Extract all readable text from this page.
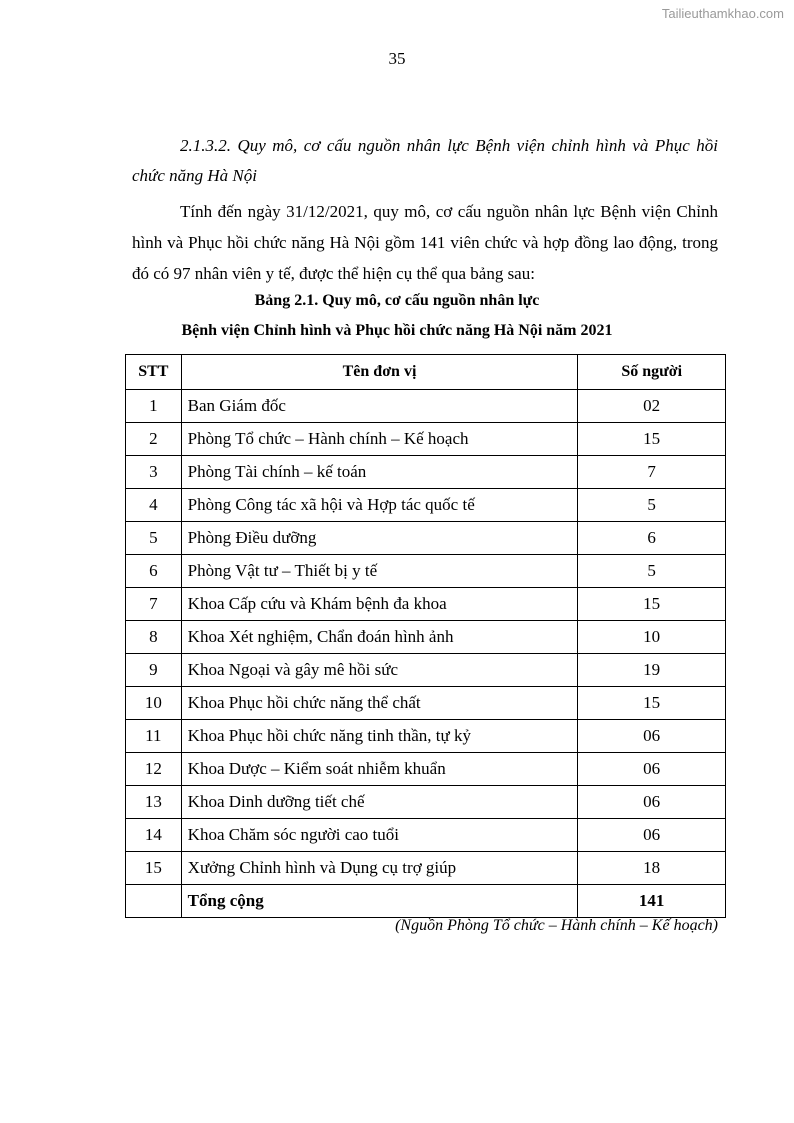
Tailieuthamkhao.com
35

2.1.3.2. Quy mô, cơ cấu nguồn nhân lực Bệnh viện chỉnh hình và Phục hồi chức năng Hà Nội

Tính đến ngày 31/12/2021, quy mô, cơ cấu nguồn nhân lực Bệnh viện Chỉnh hình và Phục hồi chức năng Hà Nội gồm 141 viên chức và hợp đồng lao động, trong đó có 97 nhân viên y tế, được thể hiện cụ thể qua bảng sau:

Bảng 2.1. Quy mô, cơ cấu nguồn nhân lực
Bệnh viện Chỉnh hình và Phục hồi chức năng Hà Nội năm 2021
STT	Tên đơn vị	Số người
1	Ban Giám đốc	02
2	Phòng Tổ chức – Hành chính – Kế hoạch	15
3	Phòng Tài chính – kế toán	7
4	Phòng Công tác xã hội và Hợp tác quốc tế	5
5	Phòng Điều dưỡng	6
6	Phòng Vật tư – Thiết bị y tế	5
7	Khoa Cấp cứu và Khám bệnh đa khoa	15
8	Khoa Xét nghiệm, Chẩn đoán hình ảnh	10
9	Khoa Ngoại và gây mê hồi sức	19
10	Khoa Phục hồi chức năng thể chất	15
11	Khoa Phục hồi chức năng tinh thần, tự kỷ	06
12	Khoa Dược – Kiểm soát nhiễm khuẩn	06
13	Khoa Dinh dưỡng tiết chế	06
14	Khoa Chăm sóc người cao tuổi	06
15	Xưởng Chỉnh hình và Dụng cụ trợ giúp	18
	Tổng cộng	141
(Nguồn Phòng Tổ chức – Hành chính – Kế hoạch)
